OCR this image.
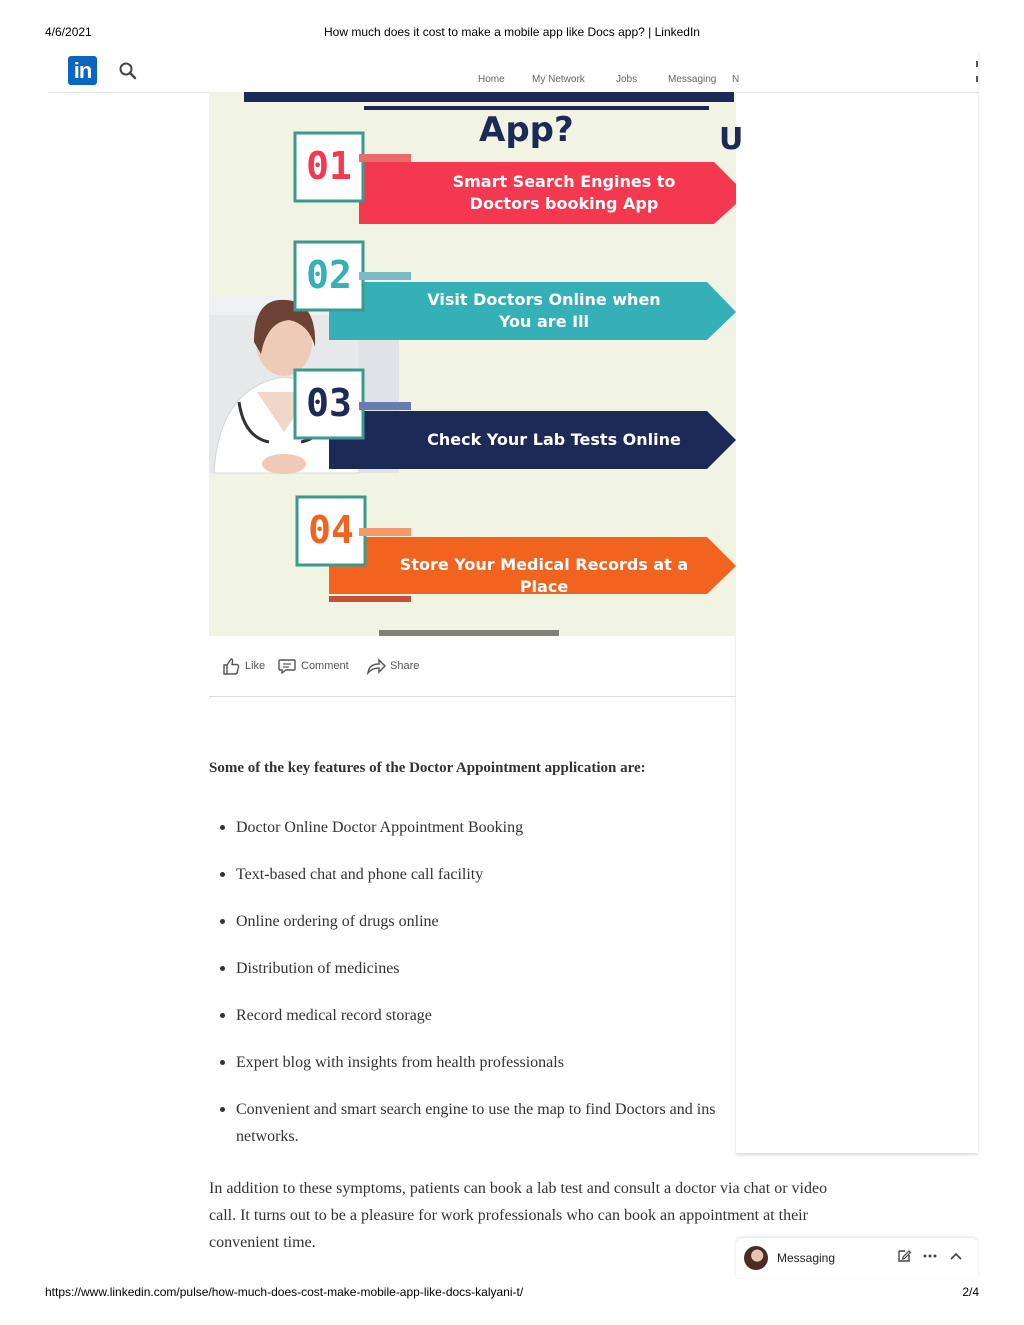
4/6/2021	How much does it cost to make a mobile app like Docs app? | LinkedIn
https://www.linkedin.com/pulse/how-much-does-cost-make-mobile-app-like-docs-kalyani-t/	2/4
in	Home	My Network	Jobs	Messaging N
App?	U
01	Smart Search Engines to Doctors booking App
02
Visit Doctors Online when You are Ill
03
Check Your Lab Tests Online
04
Store Your Medical Records at a Place
Like	Comment	Share
Some of the key features of the Doctor Appointment application are:
Doctor Online Doctor Appointment Booking
Text-based chat and phone call facility
Online ordering of drugs online
Distribution of medicines
Record medical record storage
Expert blog with insights from health professionals
Convenient and smart search engine to use the map to find Doctors and ins networks.
In addition to these symptoms, patients can book a lab test and consult a doctor via chat or video call. It turns out to be a pleasure for work professionals who can book an appointment at their convenient time.
Messaging
